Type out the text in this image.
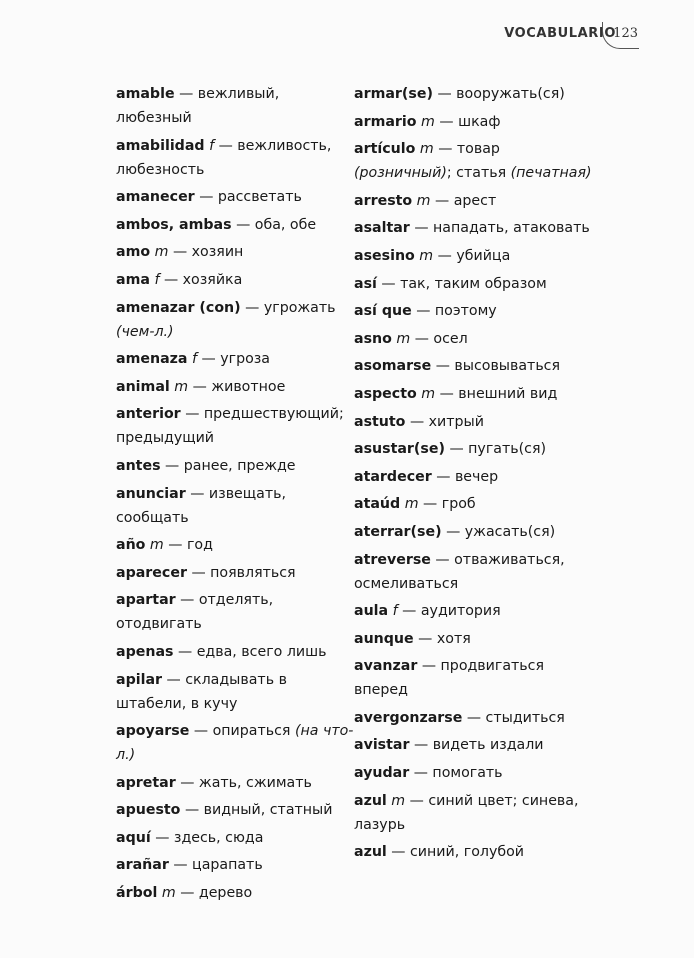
VOCABULARIO
123
amable — вежливый, любезный
amabilidad f — вежливость, любезность
amanecer — рассветать
ambos, ambas — оба, обе
amo m — хозяин
ama f — хозяйка
amenazar (con) — угрожать (чем-л.)
amenaza f — угроза
animal m — животное
anterior — предшествующий; предыдущий
antes — ранее, прежде
anunciar — извещать, сообщать
año m — год
aparecer — появляться
apartar — отделять, отодвигать
apenas — едва, всего лишь
apilar — складывать в штабели, в кучу
apoyarse — опираться (на что-л.)
apretar — жать, сжимать
apuesto — видный, статный
aquí — здесь, сюда
arañar — царапать
árbol m — дерево
armar(se) — вооружать(ся)
armario m — шкаф
artículo m — товар (розничный); статья (печатная)
arresto m — арест
asaltar — нападать, атаковать
asesino m — убийца
así — так, таким образом
así que — поэтому
asno m — осел
asomarse — высовываться
aspecto m — внешний вид
astuto — хитрый
asustar(se) — пугать(ся)
atardecer — вечер
ataúd m — гроб
aterrar(se) — ужасать(ся)
atreverse — отваживаться, осмеливаться
aula f — аудитория
aunque — хотя
avanzar — продвигаться вперед
avergonzarse — стыдиться
avistar — видеть издали
ayudar — помогать
azul m — синий цвет; синева, лазурь
azul — синий, голубой
